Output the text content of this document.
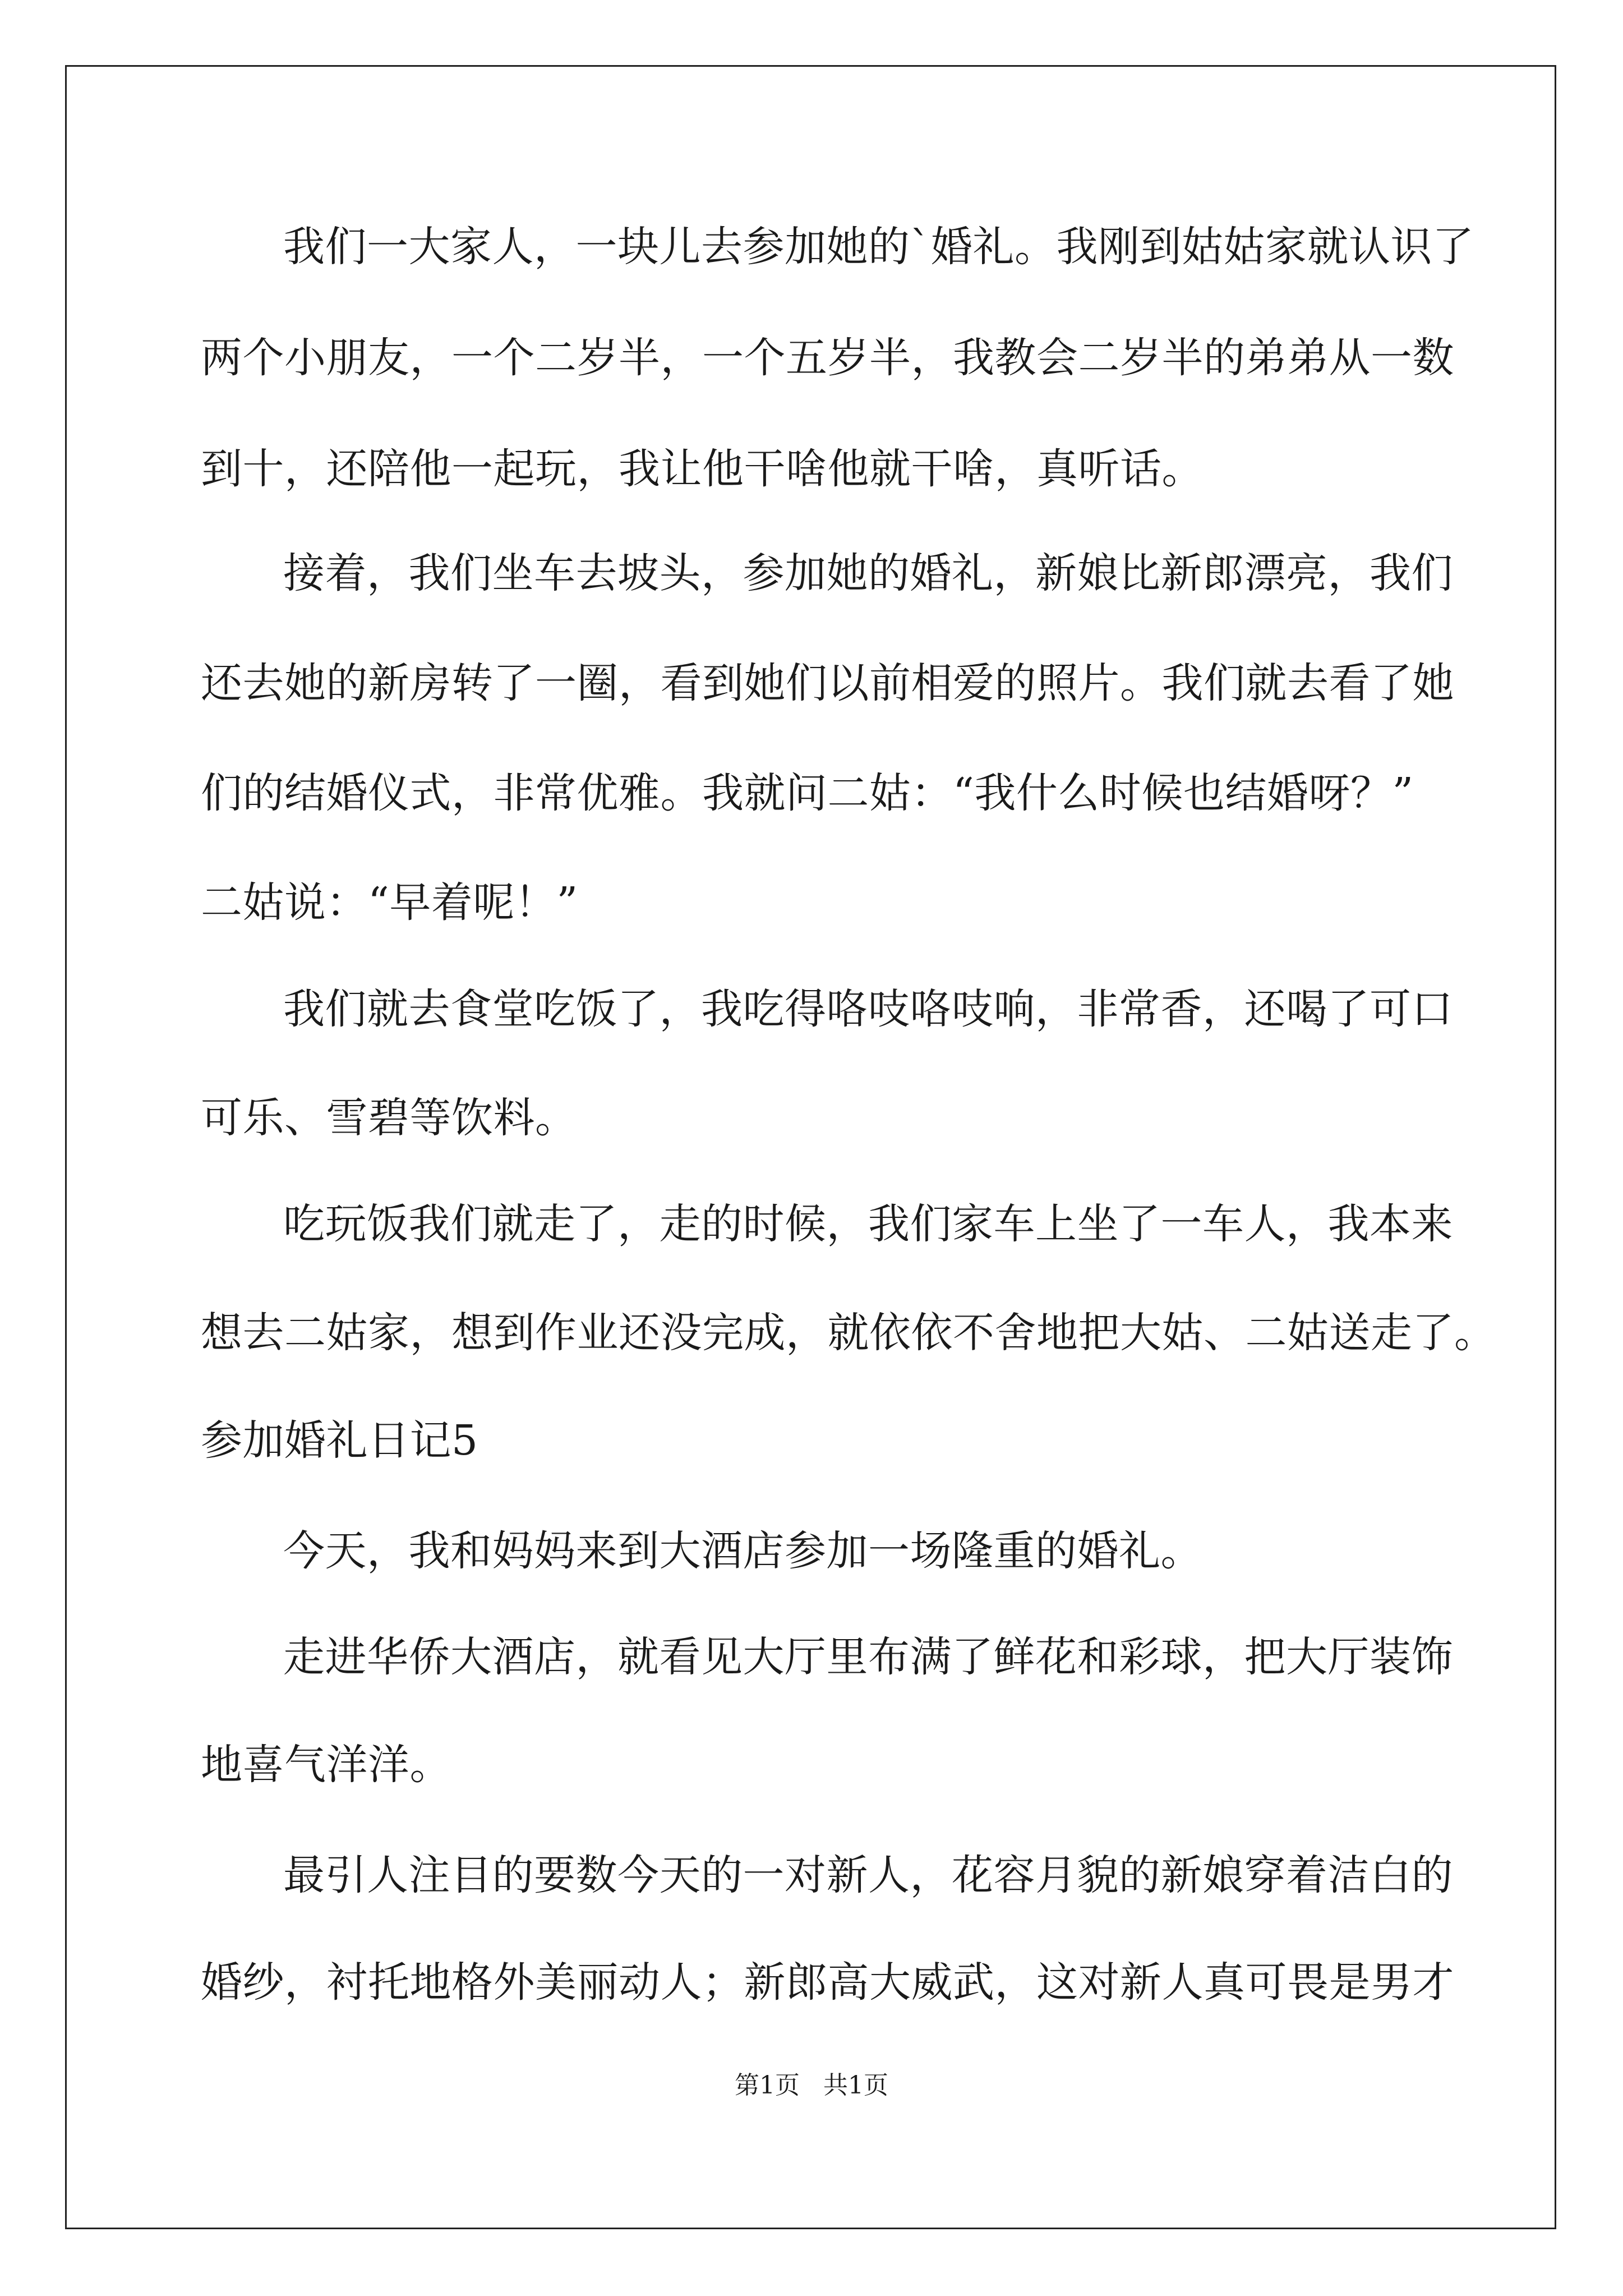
我们一大家人，一块儿去参加她的`婚礼。我刚到姑姑家就认识了
两个小朋友，一个二岁半，一个五岁半，我教会二岁半的弟弟从一数
到十，还陪他一起玩，我让他干啥他就干啥，真听话。
接着，我们坐车去坡头，参加她的婚礼，新娘比新郎漂亮，我们
还去她的新房转了一圈，看到她们以前相爱的照片。我们就去看了她
们的结婚仪式，非常优雅。我就问二姑：“我什么时候也结婚呀？”
二姑说：“早着呢！”
我们就去食堂吃饭了，我吃得咯吱咯吱响，非常香，还喝了可口
可乐、雪碧等饮料。
吃玩饭我们就走了，走的时候，我们家车上坐了一车人，我本来
想去二姑家，想到作业还没完成，就依依不舍地把大姑、二姑送走了。
参加婚礼日记5
今天，我和妈妈来到大酒店参加一场隆重的婚礼。
走进华侨大酒店，就看见大厅里布满了鲜花和彩球，把大厅装饰
地喜气洋洋。
最引人注目的要数今天的一对新人，花容月貌的新娘穿着洁白的
婚纱，衬托地格外美丽动人；新郎高大威武，这对新人真可畏是男才
第1页   共1页
